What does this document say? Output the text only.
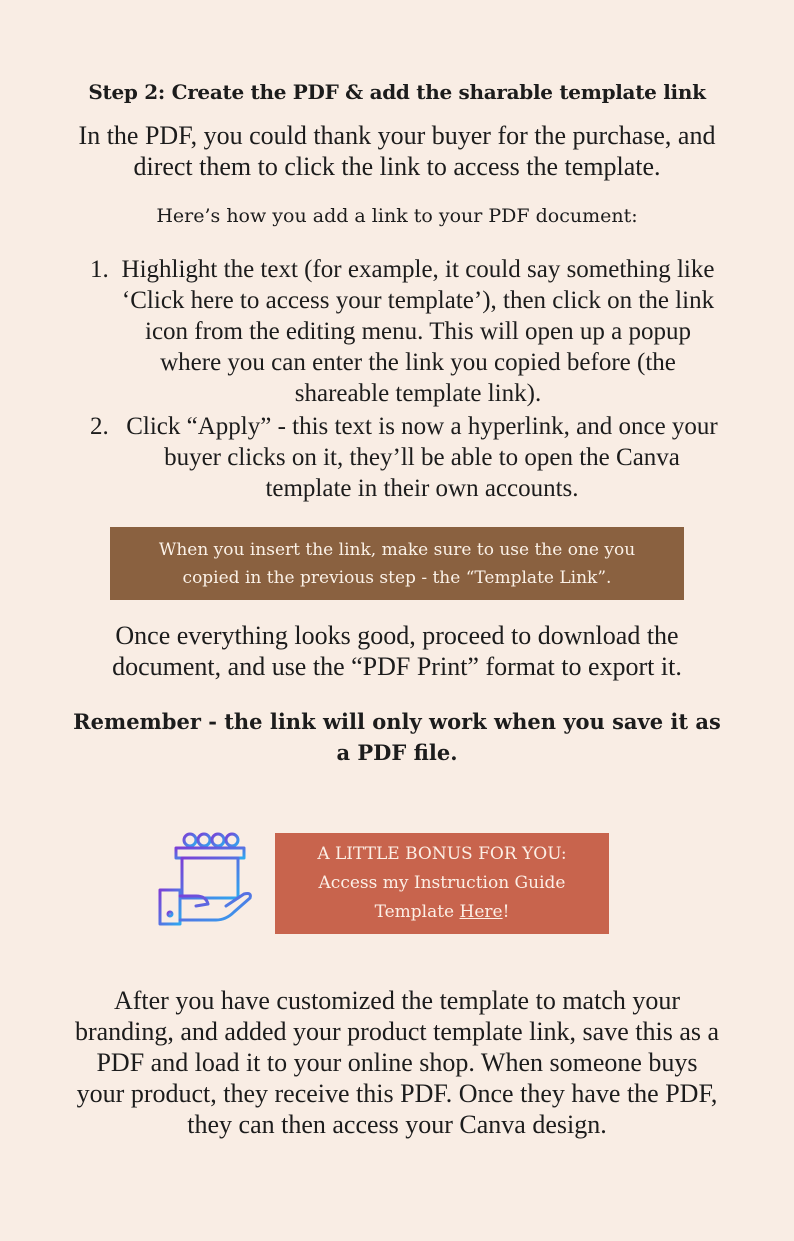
Step 2: Create the PDF & add the sharable template link

In the PDF, you could thank your buyer for the purchase, and direct them to click the link to access the template.

Here’s how you add a link to your PDF document:

1. Highlight the text (for example, it could say something like ‘Click here to access your template’), then click on the link icon from the editing menu. This will open up a popup where you can enter the link you copied before (the shareable template link).
2. Click “Apply” - this text is now a hyperlink, and once your buyer clicks on it, they’ll be able to open the Canva template in their own accounts.
When you insert the link, make sure to use the one you copied in the previous step - the “Template Link”.

Once everything looks good, proceed to download the document, and use the “PDF Print” format to export it.

Remember - the link will only work when you save it as a PDF file.

A LITTLE BONUS FOR YOU:
Access my Instruction Guide
Template Here!

After you have customized the template to match your branding, and added your product template link, save this as a PDF and load it to your online shop. When someone buys your product, they receive this PDF. Once they have the PDF, they can then access your Canva design.
